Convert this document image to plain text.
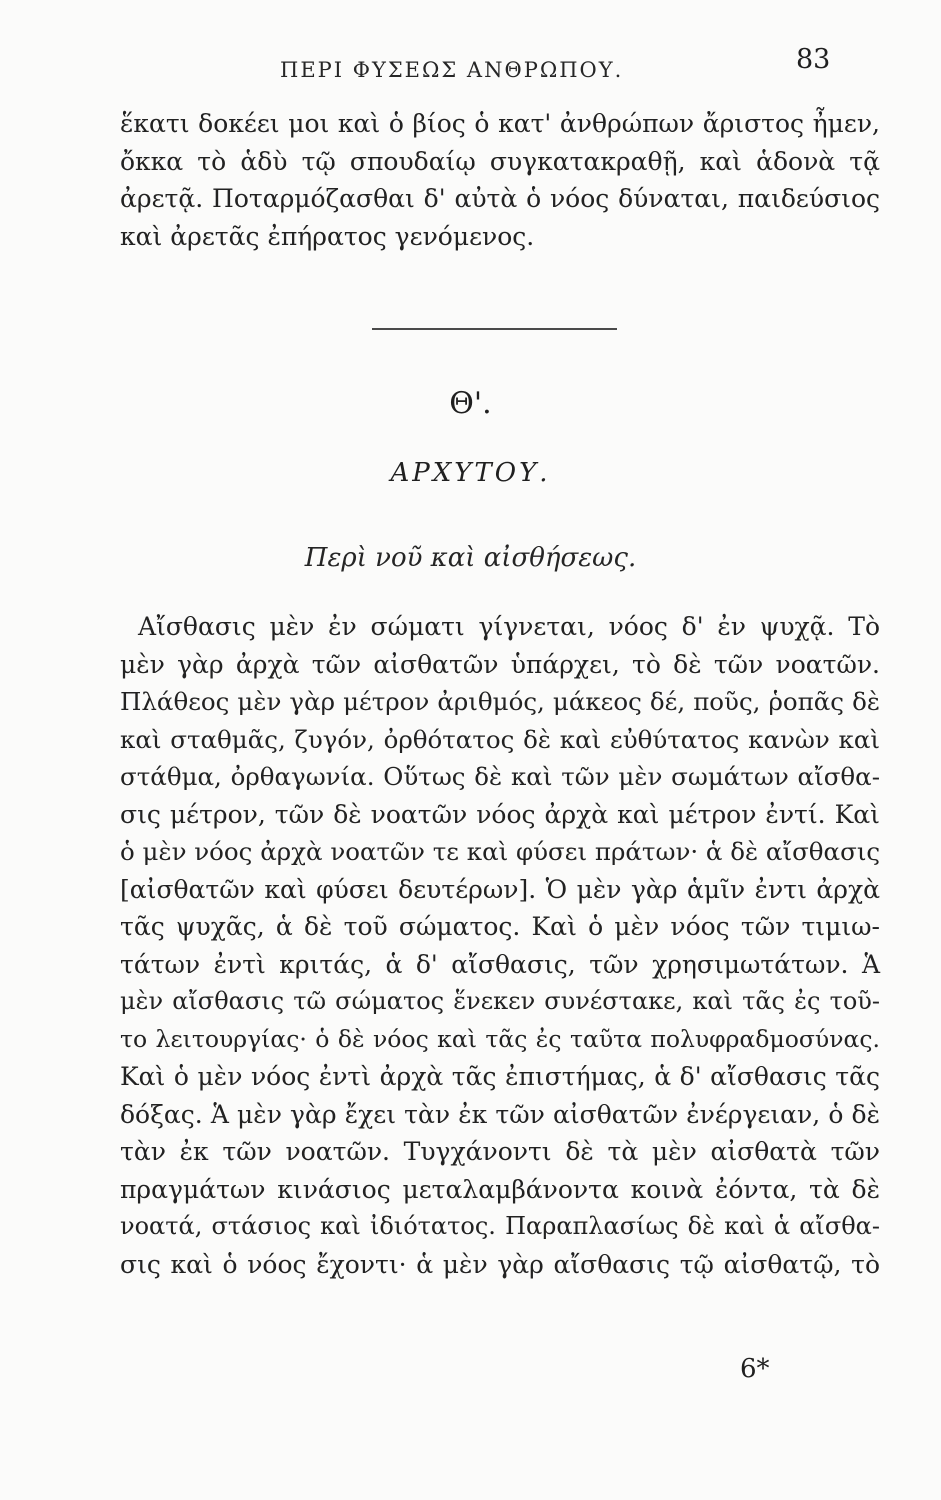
ΠΕΡΙ ΦΥΣΕΩΣ ΑΝΘΡΩΠΟΥ.	83
ἕκατι δοκέει μοι καὶ ὁ βίος ὁ κατ' ἀνθρώπων ἄριστος ἦμεν,
ὄκκα τὸ ἁδὺ τῷ σπουδαίῳ συγκατακραθῇ, καὶ ἁδονὰ τᾷ
ἀρετᾷ. Ποταρμόζασθαι δ' αὐτὰ ὁ νόος δύναται, παιδεύσιος
καὶ ἀρετᾶς ἐπήρατος γενόμενος.
Θ'.
ΑΡΧΥΤΟΥ.
Περὶ νοῦ καὶ αἰσθήσεως.
Αἴσθασις μὲν ἐν σώματι γίγνεται, νόος δ' ἐν ψυχᾷ. Τὸ
μὲν γὰρ ἀρχὰ τῶν αἰσθατῶν ὑπάρχει, τὸ δὲ τῶν νοατῶν.
Πλάθεος μὲν γὰρ μέτρον ἀριθμός, μάκεος δέ, ποῦς, ῥοπᾶς δὲ
καὶ σταθμᾶς, ζυγόν, ὀρθότατος δὲ καὶ εὐθύτατος κανὼν καὶ
στάθμα, ὀρθαγωνία. Οὕτως δὲ καὶ τῶν μὲν σωμάτων αἴσθα-
σις μέτρον, τῶν δὲ νοατῶν νόος ἀρχὰ καὶ μέτρον ἐντί. Καὶ
ὁ μὲν νόος ἀρχὰ νοατῶν τε καὶ φύσει πράτων· ἁ δὲ αἴσθασις
[αἰσθατῶν καὶ φύσει δευτέρων]. Ὁ μὲν γὰρ ἁμῖν ἐντι ἀρχὰ
τᾶς ψυχᾶς, ἁ δὲ τοῦ σώματος. Καὶ ὁ μὲν νόος τῶν τιμιω-
τάτων ἐντὶ κριτάς, ἁ δ' αἴσθασις, τῶν χρησιμωτάτων. Ἁ
μὲν αἴσθασις τῶ σώματος ἕνεκεν συνέστακε, καὶ τᾶς ἐς τοῦ-
το λειτουργίας· ὁ δὲ νόος καὶ τᾶς ἐς ταῦτα πολυφραδμοσύνας.
Καὶ ὁ μὲν νόος ἐντὶ ἀρχὰ τᾶς ἐπιστήμας, ἁ δ' αἴσθασις τᾶς
δόξας. Ἁ μὲν γὰρ ἔχει τὰν ἐκ τῶν αἰσθατῶν ἐνέργειαν, ὁ δὲ
τὰν ἐκ τῶν νοατῶν. Τυγχάνοντι δὲ τὰ μὲν αἰσθατὰ τῶν
πραγμάτων κινάσιος μεταλαμβάνοντα κοινὰ ἐόντα, τὰ δὲ
νοατά, στάσιος καὶ ἰδιότατος. Παραπλασίως δὲ καὶ ἁ αἴσθα-
σις καὶ ὁ νόος ἔχοντι· ἁ μὲν γὰρ αἴσθασις τῷ αἰσθατῷ, τὸ
6*
